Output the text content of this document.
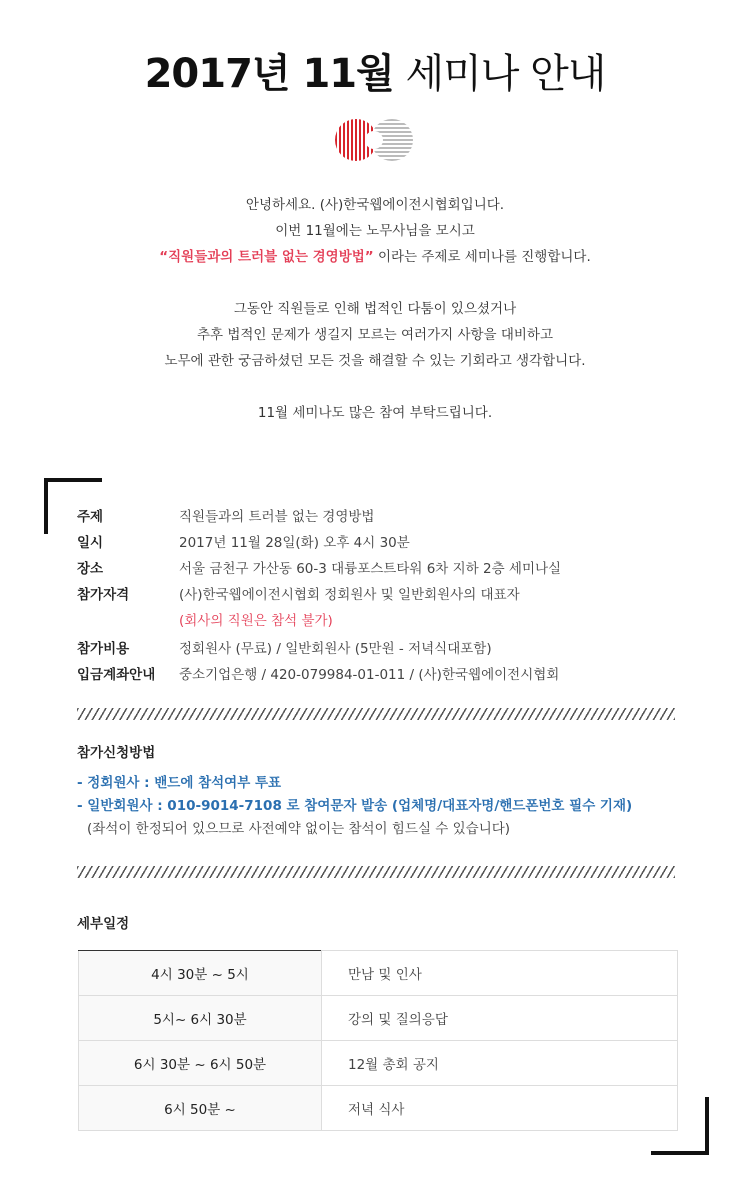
2017년 11월 세미나 안내
안녕하세요. (사)한국웹에이전시협회입니다.
이번 11월에는 노무사님을 모시고
“직원들과의 트러블 없는 경영방법” 이라는 주제로 세미나를 진행합니다.
그동안 직원들로 인해 법적인 다툼이 있으셨거나
추후 법적인 문제가 생길지 모르는 여러가지 사항을 대비하고
노무에 관한 궁금하셨던 모든 것을 해결할 수 있는 기회라고 생각합니다.
11월 세미나도 많은 참여 부탁드립니다.
주제	직원들과의 트러블 없는 경영방법
일시	2017년 11월 28일(화) 오후 4시 30분
장소	서울 금천구 가산동 60-3 대륭포스트타워 6차 지하 2층 세미나실
참가자격	(사)한국웹에이전시협회 정회원사 및 일반회원사의 대표자
(회사의 직원은 참석 불가)
참가비용	정회원사 (무료) / 일반회원사 (5만원 - 저녁식대포함)
입금계좌안내	중소기업은행 / 420-079984-01-011 / (사)한국웹에이전시협회
참가신청방법
- 정회원사 : 밴드에 참석여부 투표
- 일반회원사 : 010-9014-7108 로 참여문자 발송 (업체명/대표자명/핸드폰번호 필수 기재)
(좌석이 한정되어 있으므로 사전예약 없이는 참석이 힘드실 수 있습니다)
세부일정
4시 30분 ~ 5시	만남 및 인사
5시~ 6시 30분	강의 및 질의응답
6시 30분 ~ 6시 50분	12월 총회 공지
6시 50분 ~	저녁 식사
